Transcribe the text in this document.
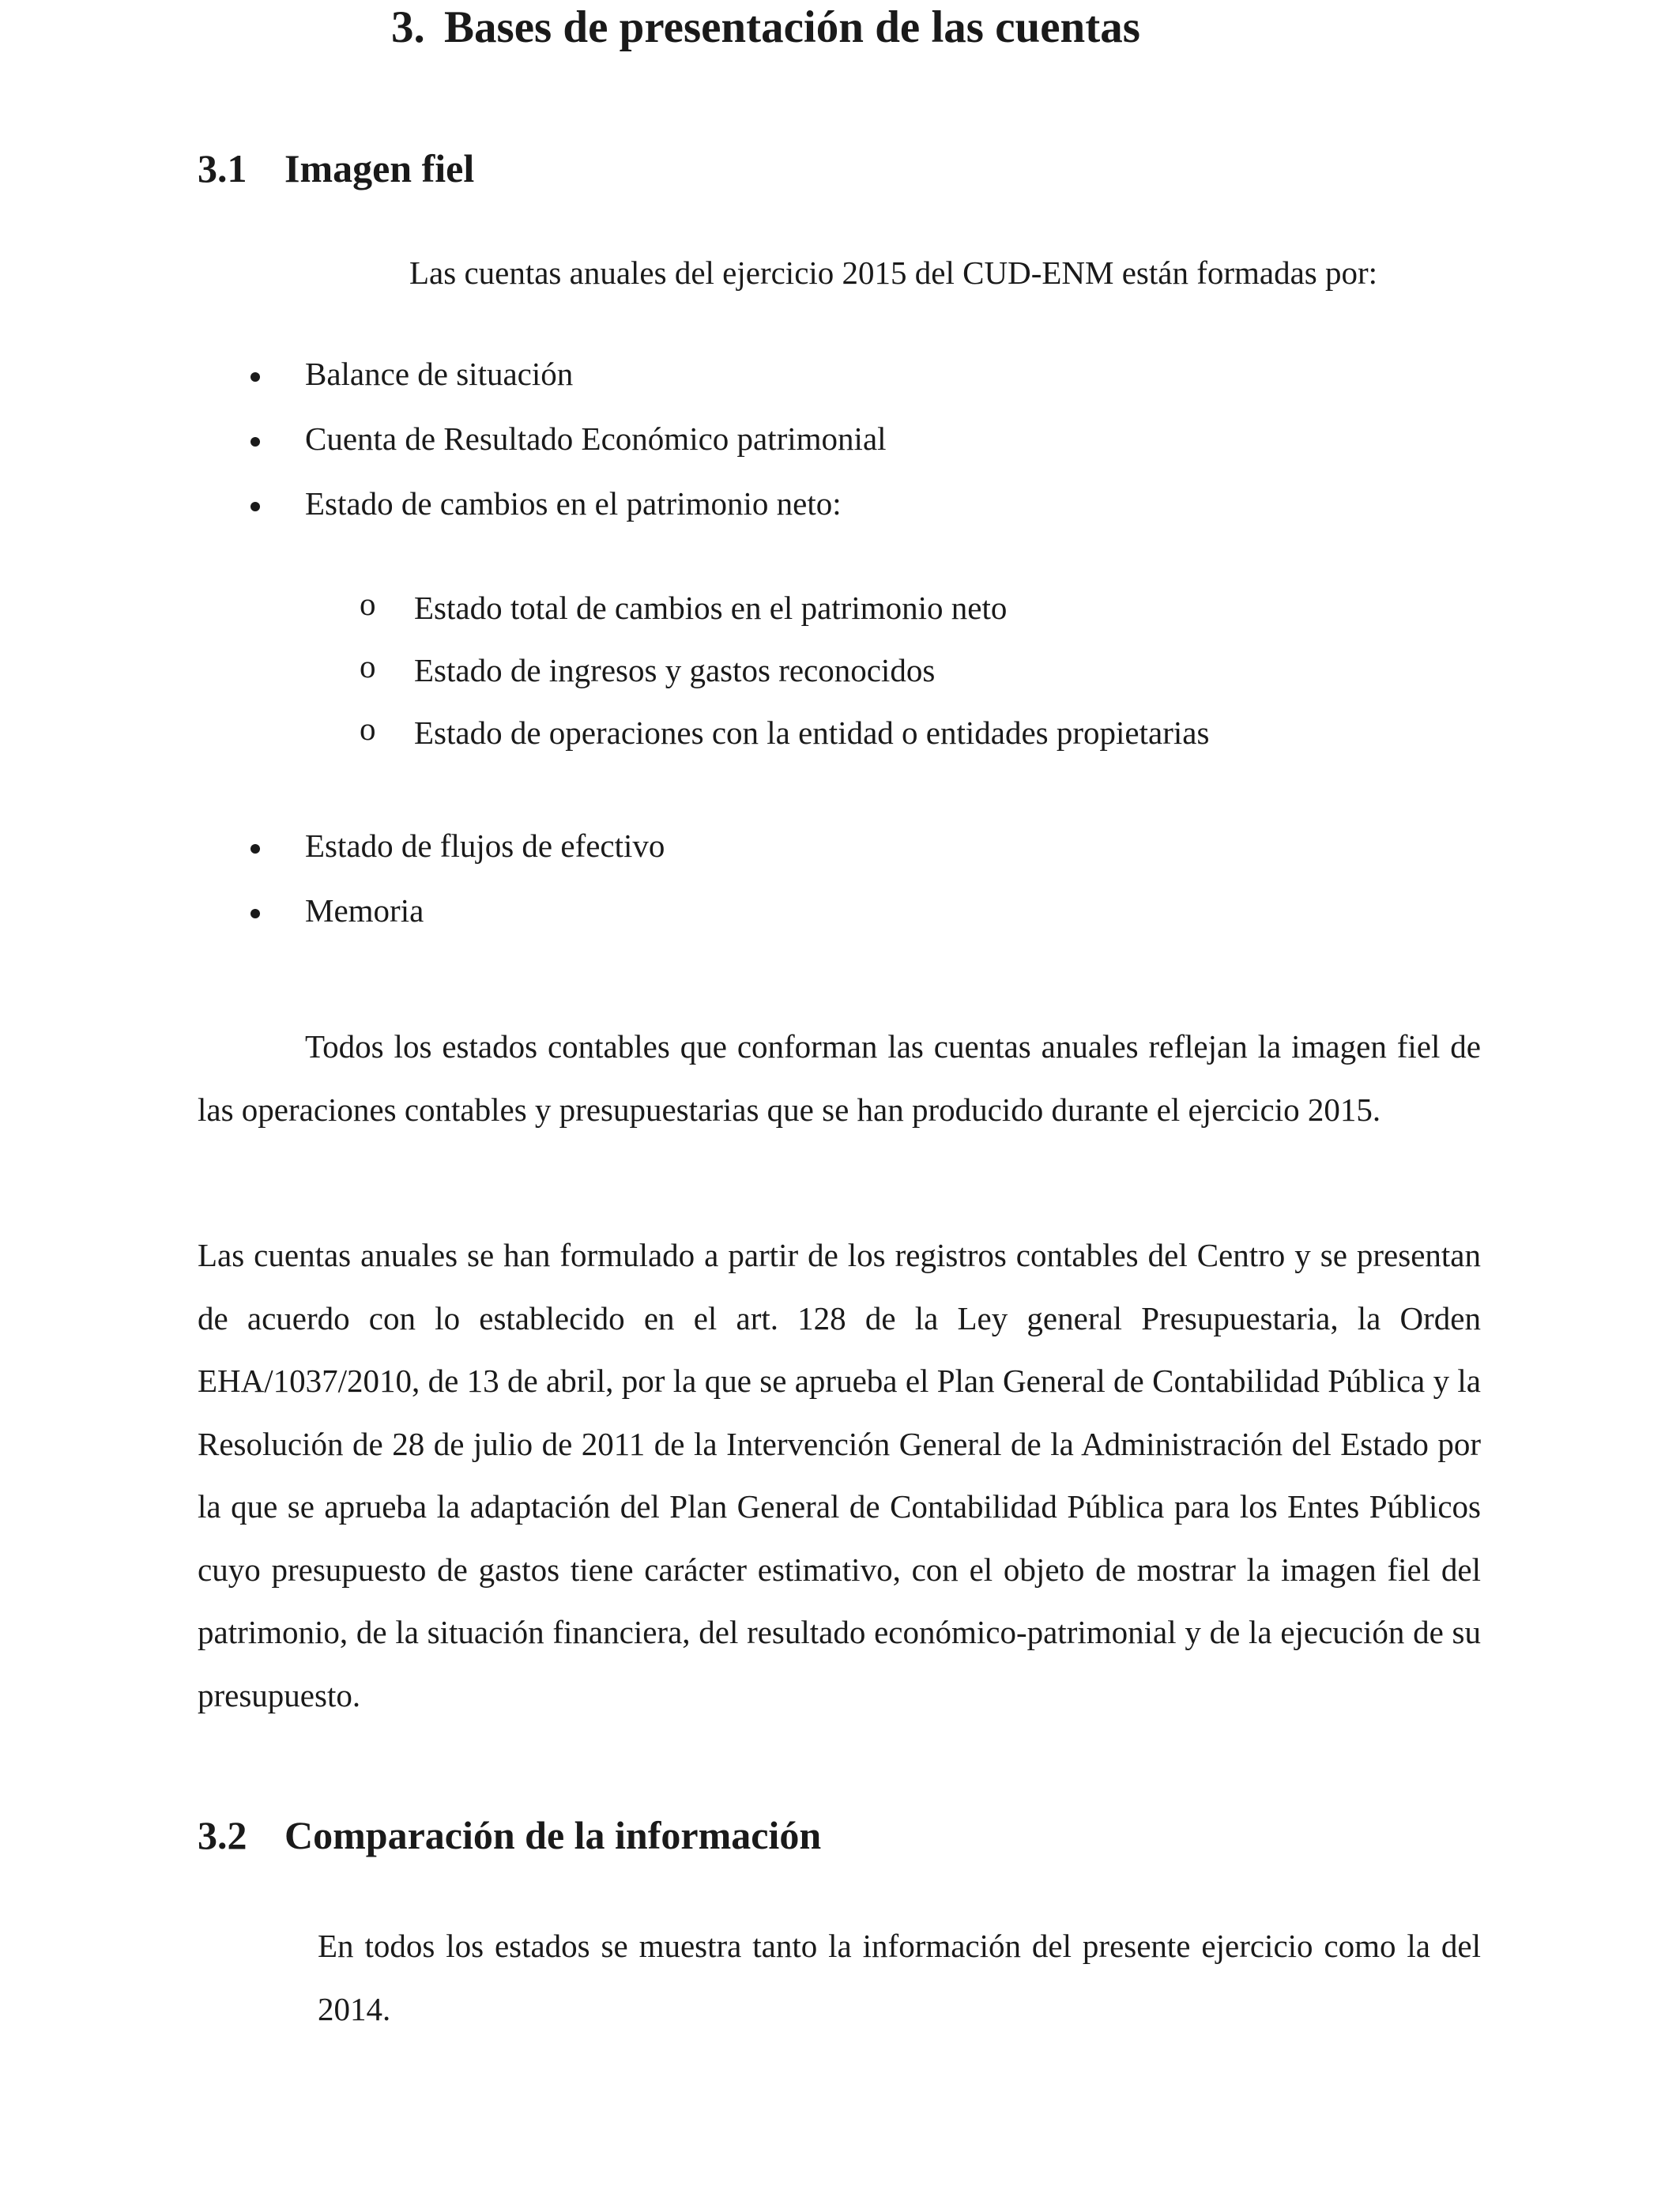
3. Bases de presentación de las cuentas
3.1 Imagen fiel

Las cuentas anuales del ejercicio 2015 del CUD-ENM están formadas por:

Balance de situación

Cuenta de Resultado Económico patrimonial

Estado de cambios en el patrimonio neto:

o Estado total de cambios en el patrimonio neto

o Estado de ingresos y gastos reconocidos

o Estado de operaciones con la entidad o entidades propietarias

Estado de flujos de efectivo

Memoria

Todos los estados contables que conforman las cuentas anuales reflejan la imagen fiel de las operaciones contables y presupuestarias que se han producido durante el ejercicio 2015.

Las cuentas anuales se han formulado a partir de los registros contables del Centro y se presentan de acuerdo con lo establecido en el art. 128 de la Ley general Presupuestaria, la Orden EHA/1037/2010, de 13 de abril, por la que se aprueba el Plan General de Contabilidad Pública y la Resolución de 28 de julio de 2011 de la Intervención General de la Administración del Estado por la que se aprueba la adaptación del Plan General de Contabilidad Pública para los Entes Públicos cuyo presupuesto de gastos tiene carácter estimativo, con el objeto de mostrar la imagen fiel del patrimonio, de la situación financiera, del resultado económico-patrimonial y de la ejecución de su presupuesto.

3.2 Comparación de la información

En todos los estados se muestra tanto la información del presente ejercicio como la del 2014.
